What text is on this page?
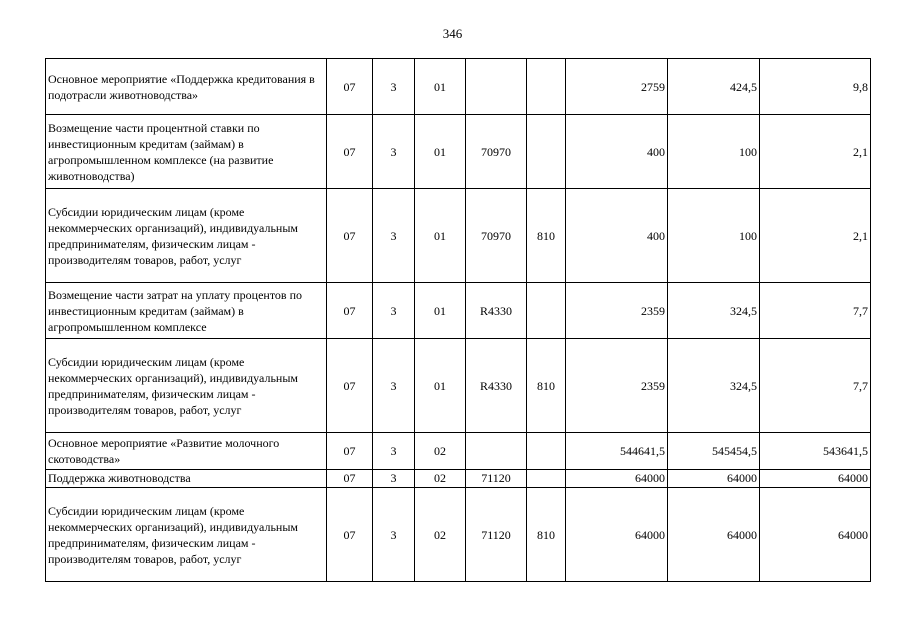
346
Основное мероприятие «Поддержка кредитования в подотрасли животноводства»	07	3	01			2759	424,5	9,8
Возмещение части процентной ставки по инвестиционным кредитам (займам) в агропромышленном комплексе (на развитие животноводства)	07	3	01	70970		400	100	2,1
Субсидии юридическим лицам (кроме некоммерческих организаций), индивидуальным предпринимателям, физическим лицам - производителям товаров, работ, услуг	07	3	01	70970	810	400	100	2,1
Возмещение части затрат на уплату процентов по инвестиционным кредитам (займам) в агропромышленном комплексе	07	3	01	R4330		2359	324,5	7,7
Субсидии юридическим лицам (кроме некоммерческих организаций), индивидуальным предпринимателям, физическим лицам - производителям товаров, работ, услуг	07	3	01	R4330	810	2359	324,5	7,7
Основное мероприятие «Развитие молочного скотоводства»	07	3	02			544641,5	545454,5	543641,5
Поддержка животноводства	07	3	02	71120		64000	64000	64000
Субсидии юридическим лицам (кроме некоммерческих организаций), индивидуальным предпринимателям, физическим лицам - производителям товаров, работ, услуг	07	3	02	71120	810	64000	64000	64000
